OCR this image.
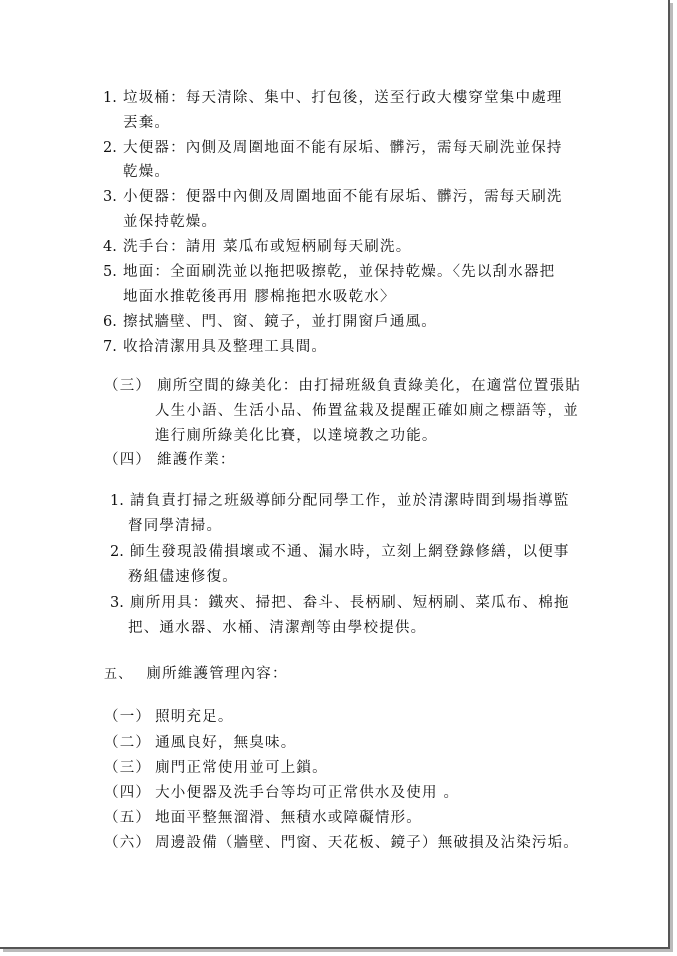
1. 垃圾桶：每天清除、集中、打包後，送至行政大樓穿堂集中處理
丟棄。
2. 大便器：內側及周圍地面不能有尿垢、髒污，需每天刷洗並保持
乾燥。
3. 小便器：便器中內側及周圍地面不能有尿垢、髒污，需每天刷洗
並保持乾燥。
4. 洗手台：請用 菜瓜布或短柄刷每天刷洗。
5. 地面：全面刷洗並以拖把吸擦乾，並保持乾燥。〈先以刮水器把
地面水推乾後再用 膠棉拖把水吸乾水〉
6. 擦拭牆壁、門、窗、鏡子，並打開窗戶通風。
7. 收拾清潔用具及整理工具間。
（三） 廁所空間的綠美化：由打掃班級負責綠美化，在適當位置張貼
人生小語、生活小品、佈置盆栽及提醒正確如廁之標語等，並
進行廁所綠美化比賽，以達境教之功能。
（四） 維護作業：
1. 請負責打掃之班級導師分配同學工作，並於清潔時間到場指導監
督同學清掃。
2. 師生發現設備損壞或不通、漏水時，立刻上網登錄修繕，以便事
務組儘速修復。
3. 廁所用具：鐵夾、掃把、畚斗、長柄刷、短柄刷、菜瓜布、棉拖
把、通水器、水桶、清潔劑等由學校提供。
五、 廁所維護管理內容：
（一） 照明充足。
（二） 通風良好，無臭味。
（三） 廁門正常使用並可上鎖。
（四） 大小便器及洗手台等均可正常供水及使用 。
（五） 地面平整無溜滑、無積水或障礙情形。
（六） 周邊設備（牆壁、門窗、天花板、鏡子）無破損及沾染污垢。
